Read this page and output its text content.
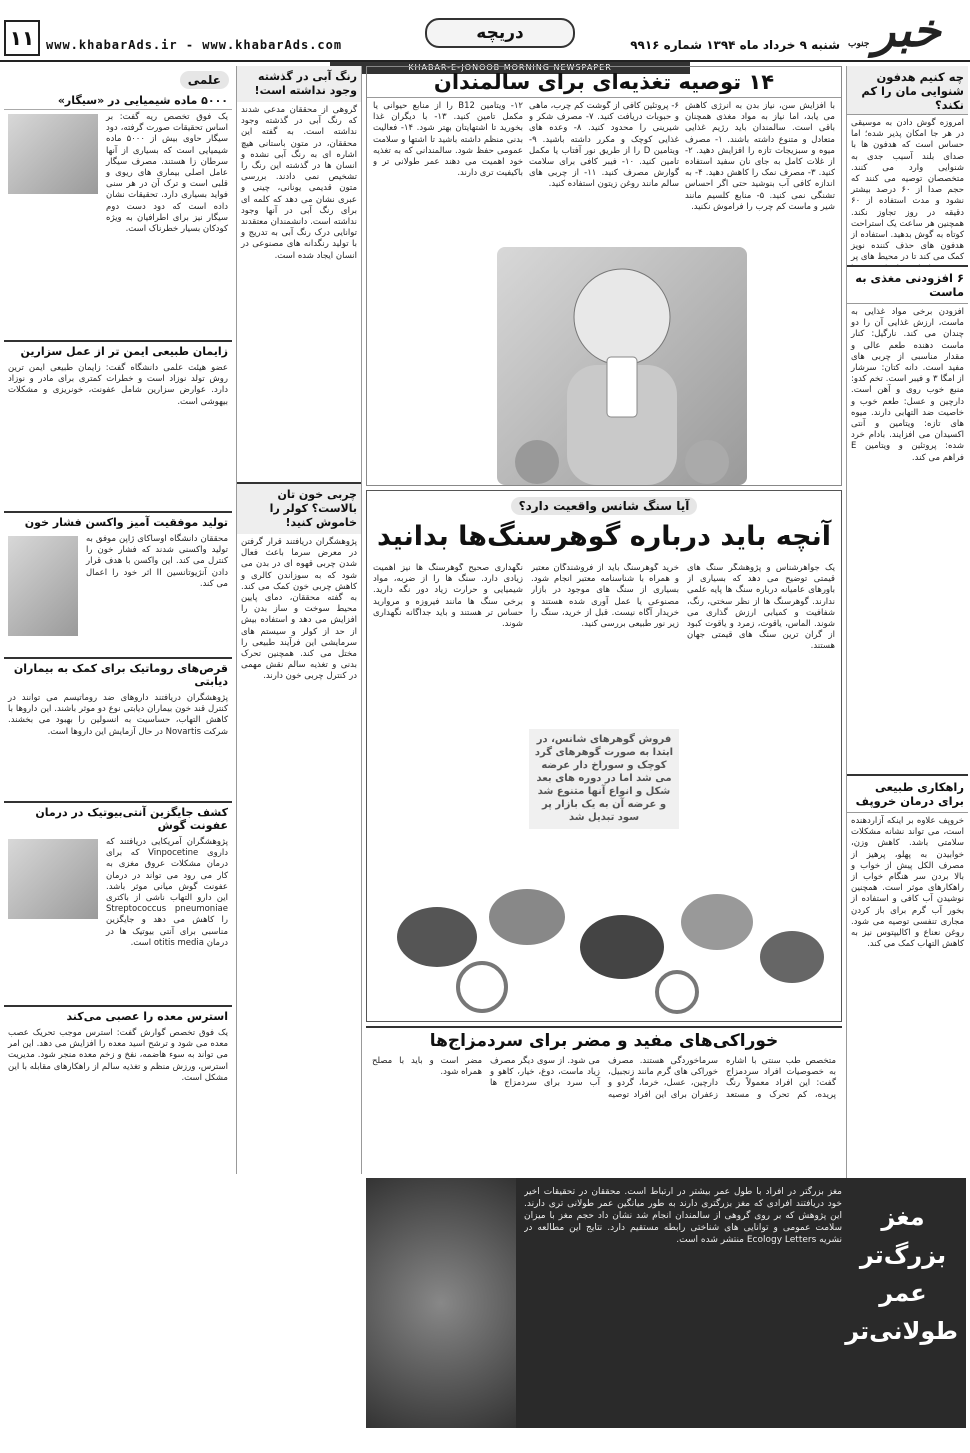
خبر
جنوب
شنبه ۹ خرداد ماه ۱۳۹۴ شماره ۹۹۱۶
دریچه
www.khabarAds.ir - www.khabarAds.com
۱۱
KHABAR-E-JONOOB MORNING NEWSPAPER
چه کنیم هدفون شنوایی مان را کم نکند؟
امروزه گوش دادن به موسیقی در هر جا امکان پذیر شده؛ اما حساس است که هدفون ها با صدای بلند آسیب جدی به شنوایی وارد می کنند. متخصصان توصیه می کنند که حجم صدا از ۶۰ درصد بیشتر نشود و مدت استفاده از ۶۰ دقیقه در روز تجاوز نکند. همچنین هر ساعت یک استراحت کوتاه به گوش بدهید. استفاده از هدفون های حذف کننده نویز کمک می کند تا در محیط های پر
۶ افزودنی مغذی به ماست
افزودن برخی مواد غذایی به ماست، ارزش غذایی آن را دو چندان می کند. نارگیل: کنار ماست دهنده طعم عالی و مقدار مناسبی از چربی های مفید است. دانه کتان: سرشار از امگا ۳ و فیبر است. تخم کدو: منبع خوب روی و آهن است. دارچین و عسل: طعم خوب و خاصیت ضد التهابی دارند. میوه های تازه: ویتامین و آنتی اکسیدان می افزایند. بادام خرد شده: پروتئین و ویتامین E فراهم می کند.
راهکاری طبیعی برای درمان خروپف
خروپف علاوه بر اینکه آزاردهنده است، می تواند نشانه مشکلات سلامتی باشد. کاهش وزن، خوابیدن به پهلو، پرهیز از مصرف الکل پیش از خواب و بالا بردن سر هنگام خواب از راهکارهای موثر است. همچنین نوشیدن آب کافی و استفاده از بخور آب گرم برای باز کردن مجاری تنفسی توصیه می شود. روغن نعناع و اکالیپتوس نیز به کاهش التهاب کمک می کند.
۱۴ توصیه تغذیه‌ای برای سالمندان
با افزایش سن، نیاز بدن به انرژی کاهش می یابد، اما نیاز به مواد مغذی همچنان باقی است. سالمندان باید رژیم غذایی متعادل و متنوع داشته باشند. ۱- مصرف میوه و سبزیجات تازه را افزایش دهید. ۲- از غلات کامل به جای نان سفید استفاده کنید. ۳- مصرف نمک را کاهش دهید. ۴- به اندازه کافی آب بنوشید حتی اگر احساس تشنگی نمی کنید. ۵- منابع کلسیم مانند شیر و ماست کم چرب را فراموش نکنید.
۶- پروتئین کافی از گوشت کم چرب، ماهی و حبوبات دریافت کنید. ۷- مصرف شکر و شیرینی را محدود کنید. ۸- وعده های غذایی کوچک و مکرر داشته باشید. ۹- ویتامین D را از طریق نور آفتاب یا مکمل تامین کنید. ۱۰- فیبر کافی برای سلامت گوارش مصرف کنید. ۱۱- از چربی های سالم مانند روغن زیتون استفاده کنید.
۱۲- ویتامین B12 را از منابع حیوانی یا مکمل تامین کنید. ۱۳- با دیگران غذا بخورید تا اشتهایتان بهتر شود. ۱۴- فعالیت بدنی منظم داشته باشید تا اشتها و سلامت عمومی حفظ شود. سالمندانی که به تغذیه خود اهمیت می دهند عمر طولانی تر و باکیفیت تری دارند.
آیا سنگ شانس واقعیت دارد؟
آنچه باید درباره گوهرسنگ‌ها بدانید
یک جواهرشناس و پژوهشگر سنگ های قیمتی توضیح می دهد که بسیاری از باورهای عامیانه درباره سنگ ها پایه علمی ندارند. گوهرسنگ ها از نظر سختی، رنگ، شفافیت و کمیابی ارزش گذاری می شوند. الماس، یاقوت، زمرد و یاقوت کبود از گران ترین سنگ های قیمتی جهان هستند.
خرید گوهرسنگ باید از فروشندگان معتبر و همراه با شناسنامه معتبر انجام شود. بسیاری از سنگ های موجود در بازار مصنوعی یا عمل آوری شده هستند و خریدار آگاه نیست. قبل از خرید، سنگ را زیر نور طبیعی بررسی کنید.
نگهداری صحیح گوهرسنگ ها نیز اهمیت زیادی دارد. سنگ ها را از ضربه، مواد شیمیایی و حرارت زیاد دور نگه دارید. برخی سنگ ها مانند فیروزه و مروارید حساس تر هستند و باید جداگانه نگهداری شوند.
فروش گوهرهای شانس، در ابتدا به صورت گوهرهای گرد کوچک و سوراخ دار عرضه می شد اما در دوره های بعد شکل و انواع آنها متنوع شد و عرضه آن به یک بازار پر سود تبدیل شد
خوراکی‌های مفید و مضر برای سردمزاج‌ها
متخصص طب سنتی با اشاره به خصوصیات افراد سردمزاج گفت: این افراد معمولاً رنگ پریده، کم تحرک و مستعد سرماخوردگی هستند. مصرف خوراکی های گرم مانند زنجبیل، دارچین، عسل، خرما، گردو و زعفران برای این افراد توصیه می شود. از سوی دیگر مصرف زیاد ماست، دوغ، خیار، کاهو و آب سرد برای سردمزاج ها مضر است و باید با مصلح همراه شود.
مغز بزرگ‌تر
عمر
طولانی‌تر
مغز بزرگتر در افراد با طول عمر بیشتر در ارتباط است. محققان در تحقیقات اخیر خود دریافتند افرادی که مغز بزرگتری دارند به طور میانگین عمر طولانی تری دارند. این پژوهش که بر روی گروهی از سالمندان انجام شد نشان داد حجم مغز با میزان سلامت عمومی و توانایی های شناختی رابطه مستقیم دارد. نتایج این مطالعه در نشریه Ecology Letters منتشر شده است.
رنگ آبی در گذشته وجود نداشته است!
گروهی از محققان مدعی شدند که رنگ آبی در گذشته وجود نداشته است. به گفته این محققان، در متون باستانی هیچ اشاره ای به رنگ آبی نشده و انسان ها در گذشته این رنگ را تشخیص نمی دادند. بررسی متون قدیمی یونانی، چینی و عبری نشان می دهد که کلمه ای برای رنگ آبی در آنها وجود نداشته است. دانشمندان معتقدند توانایی درک رنگ آبی به تدریج و با تولید رنگدانه های مصنوعی در انسان ایجاد شده است.
چربی خون تان بالاست؟ کولر را خاموش کنید!
پژوهشگران دریافتند قرار گرفتن در معرض سرما باعث فعال شدن چربی قهوه ای در بدن می شود که به سوزاندن کالری و کاهش چربی خون کمک می کند. به گفته محققان، دمای پایین محیط سوخت و ساز بدن را افزایش می دهد و استفاده بیش از حد از کولر و سیستم های سرمایشی این فرآیند طبیعی را مختل می کند. همچنین تحرک بدنی و تغذیه سالم نقش مهمی در کنترل چربی خون دارند.
علمی
۵۰۰۰ ماده شیمیایی در «سیگار»
یک فوق تخصص ریه گفت: بر اساس تحقیقات صورت گرفته، دود سیگار حاوی بیش از ۵۰۰۰ ماده شیمیایی است که بسیاری از آنها سرطان زا هستند. مصرف سیگار عامل اصلی بیماری های ریوی و قلبی است و ترک آن در هر سنی فواید بسیاری دارد. تحقیقات نشان داده است که دود دست دوم سیگار نیز برای اطرافیان به ویژه کودکان بسیار خطرناک است.
زایمان طبیعی ایمن تر از عمل سزارین
عضو هیئت علمی دانشگاه گفت: زایمان طبیعی ایمن ترین روش تولد نوزاد است و خطرات کمتری برای مادر و نوزاد دارد. عوارض سزارین شامل عفونت، خونریزی و مشکلات بیهوشی است.
تولید موفقیت آمیز واکسن فشار خون
محققان دانشگاه اوساکای ژاپن موفق به تولید واکسنی شدند که فشار خون را کنترل می کند. این واکسن با هدف قرار دادن آنژیوتانسین II اثر خود را اعمال می کند.
قرص‌های روماتیک برای کمک به بیماران دیابتی
پژوهشگران دریافتند داروهای ضد روماتیسم می توانند در کنترل قند خون بیماران دیابتی نوع دو موثر باشند. این داروها با کاهش التهاب، حساسیت به انسولین را بهبود می بخشند. شرکت Novartis در حال آزمایش این داروها است.
کشف جایگزین آنتی‌بیوتیک در درمان عفونت گوش
پژوهشگران آمریکایی دریافتند که داروی Vinpocetine که برای درمان مشکلات عروق مغزی به کار می رود می تواند در درمان عفونت گوش میانی موثر باشد. این دارو التهاب ناشی از باکتری Streptococcus pneumoniae را کاهش می دهد و جایگزین مناسبی برای آنتی بیوتیک ها در درمان otitis media است.
استرس معده را عصبی می‌کند
یک فوق تخصص گوارش گفت: استرس موجب تحریک عصب معده می شود و ترشح اسید معده را افزایش می دهد. این امر می تواند به سوء هاضمه، نفخ و زخم معده منجر شود. مدیریت استرس، ورزش منظم و تغذیه سالم از راهکارهای مقابله با این مشکل است.
